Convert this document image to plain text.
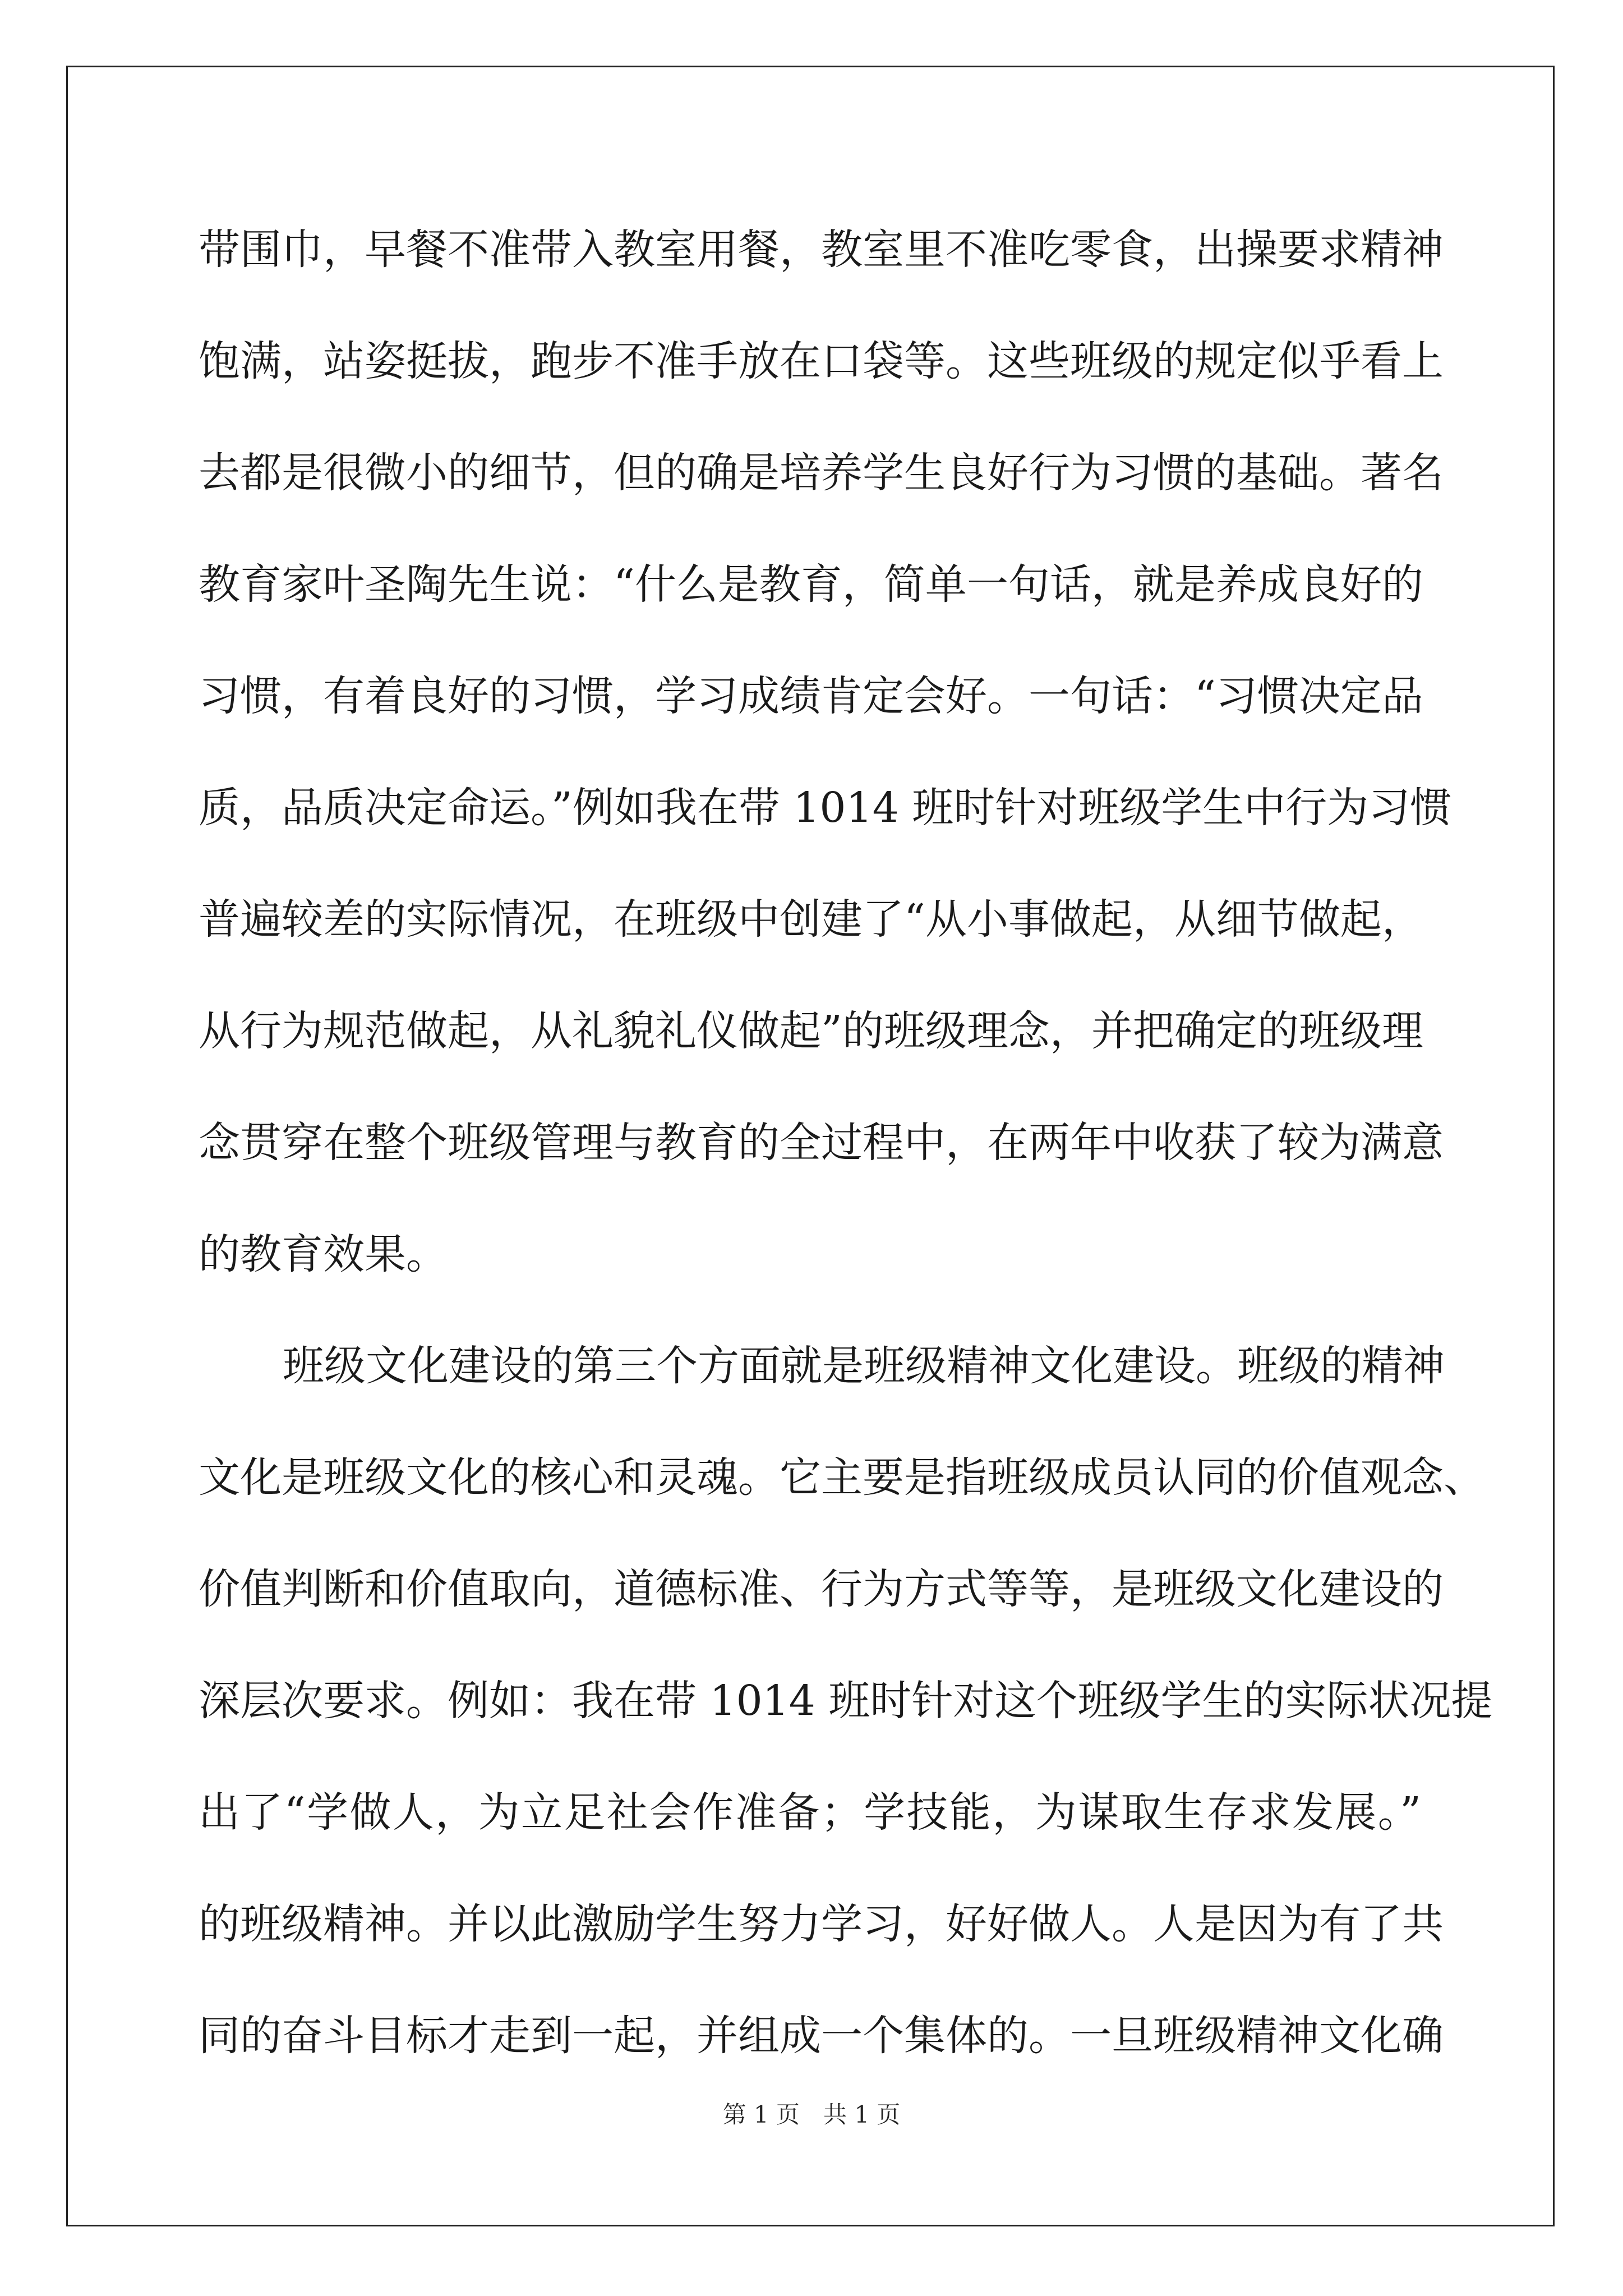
带围巾，早餐不准带入教室用餐，教室里不准吃零食，出操要求精神
饱满，站姿挺拔，跑步不准手放在口袋等。这些班级的规定似乎看上
去都是很微小的细节，但的确是培养学生良好行为习惯的基础。著名
教育家叶圣陶先生说：“什么是教育，简单一句话，就是养成良好的
习惯，有着良好的习惯，学习成绩肯定会好。一句话：“习惯决定品
质，品质决定命运。”例如我在带 1014 班时针对班级学生中行为习惯
普遍较差的实际情况，在班级中创建了“从小事做起，从细节做起，
从行为规范做起，从礼貌礼仪做起”的班级理念，并把确定的班级理
念贯穿在整个班级管理与教育的全过程中，在两年中收获了较为满意
的教育效果。
班级文化建设的第三个方面就是班级精神文化建设。班级的精神
文化是班级文化的核心和灵魂。它主要是指班级成员认同的价值观念、
价值判断和价值取向，道德标准、行为方式等等，是班级文化建设的
深层次要求。例如：我在带 1014 班时针对这个班级学生的实际状况提
出了“学做人，为立足社会作准备；学技能，为谋取生存求发展。”
的班级精神。并以此激励学生努力学习，好好做人。人是因为有了共
同的奋斗目标才走到一起，并组成一个集体的。一旦班级精神文化确
第 1 页　共 1 页
